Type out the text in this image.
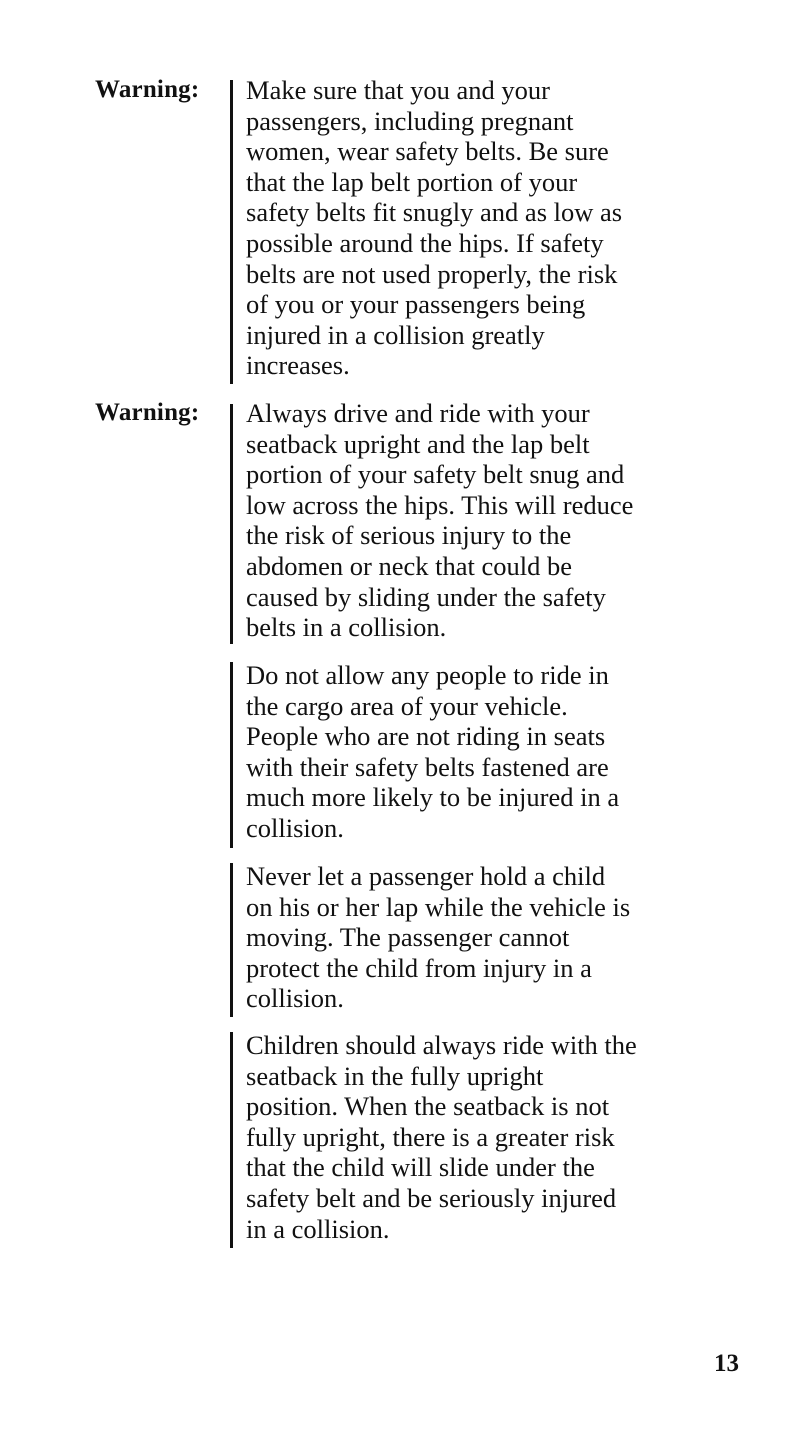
Warning: Make sure that you and your
passengers, including pregnant
women, wear safety belts. Be sure
that the lap belt portion of your
safety belts fit snugly and as low as
possible around the hips. If safety
belts are not used properly, the risk
of you or your passengers being
injured in a collision greatly
increases.
Warning: Always drive and ride with your
seatback upright and the lap belt
portion of your safety belt snug and
low across the hips. This will reduce
the risk of serious injury to the
abdomen or neck that could be
caused by sliding under the safety
belts in a collision.
Do not allow any people to ride in
the cargo area of your vehicle.
People who are not riding in seats
with their safety belts fastened are
much more likely to be injured in a
collision.
Never let a passenger hold a child
on his or her lap while the vehicle is
moving. The passenger cannot
protect the child from injury in a
collision.
Children should always ride with the
seatback in the fully upright
position. When the seatback is not
fully upright, there is a greater risk
that the child will slide under the
safety belt and be seriously injured
in a collision.
13
